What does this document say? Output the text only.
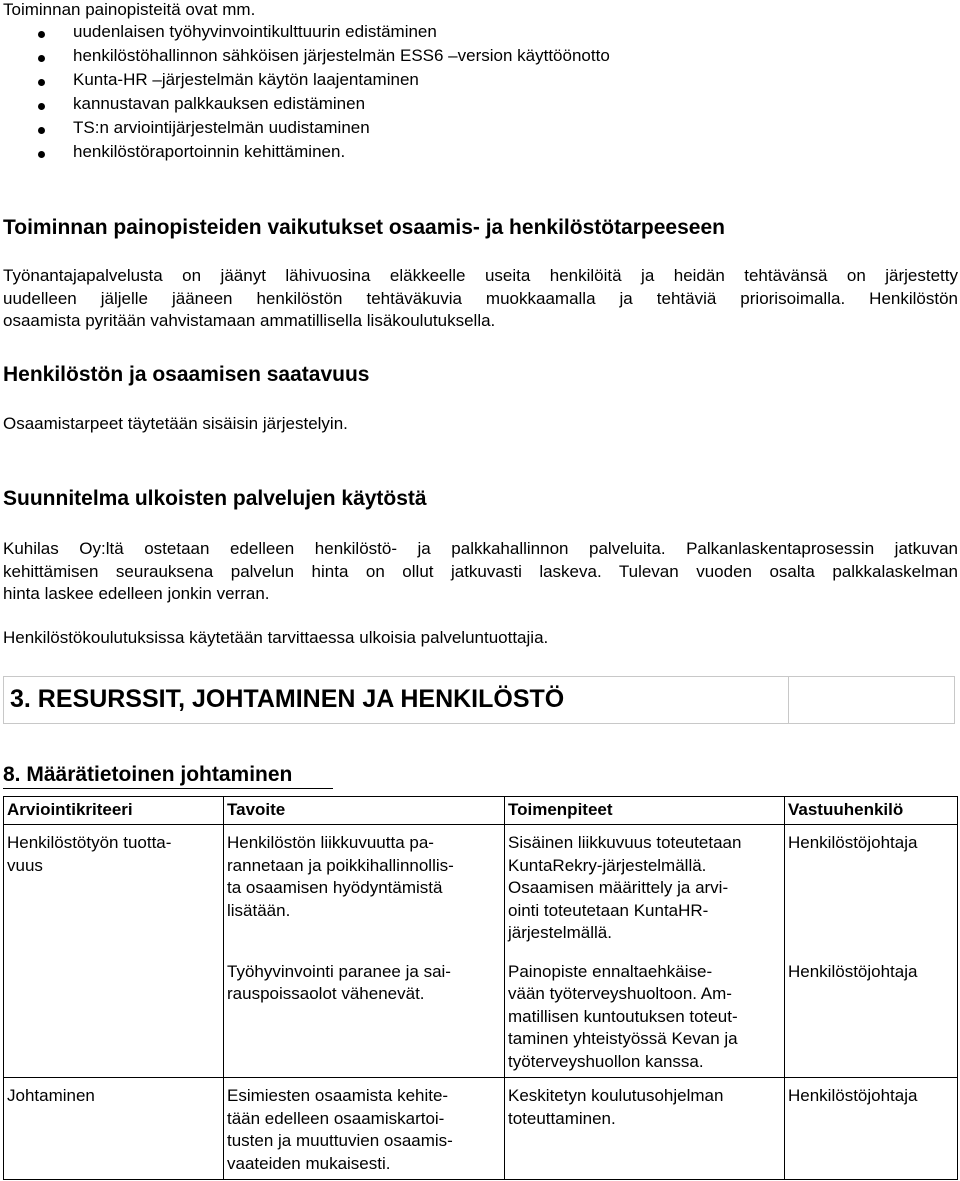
Toiminnan painopisteitä ovat mm.
uudenlaisen työhyvinvointikulttuurin edistäminen
henkilöstöhallinnon sähköisen järjestelmän ESS6 –version käyttöönotto
Kunta-HR –järjestelmän käytön laajentaminen
kannustavan palkkauksen edistäminen
TS:n arviointijärjestelmän uudistaminen
henkilöstöraportoinnin kehittäminen.
Toiminnan painopisteiden vaikutukset osaamis- ja henkilöstötarpeeseen
Työnantajapalvelusta on jäänyt lähivuosina eläkkeelle useita henkilöitä ja heidän tehtävänsä on järjestetty
uudelleen jäljelle jääneen henkilöstön tehtäväkuvia muokkaamalla ja tehtäviä priorisoimalla. Henkilöstön
osaamista pyritään vahvistamaan ammatillisella lisäkoulutuksella.
Henkilöstön ja osaamisen saatavuus
Osaamistarpeet täytetään sisäisin järjestelyin.
Suunnitelma ulkoisten palvelujen käytöstä
Kuhilas Oy:ltä ostetaan edelleen henkilöstö- ja palkkahallinnon palveluita. Palkanlaskentaprosessin jatkuvan
kehittämisen seurauksena palvelun hinta on ollut jatkuvasti laskeva. Tulevan vuoden osalta palkkalaskelman
hinta laskee edelleen jonkin verran.
Henkilöstökoulutuksissa käytetään tarvittaessa ulkoisia palveluntuottajia.
3. RESURSSIT, JOHTAMINEN JA HENKILÖSTÖ
8. Määrätietoinen johtaminen
Arviointikriteeri	Tavoite	Toimenpiteet	Vastuuhenkilö

Henkilöstötyön tuotta-
vuus	Henkilöstön liikkuvuutta pa-
rannetaan ja poikkihallinnollis-
ta osaamisen hyödyntämistä
lisätään.	Sisäinen liikkuvuus toteutetaan
KuntaRekry-järjestelmällä.
Osaamisen määrittely ja arvi-
ointi toteutetaan KuntaHR-
järjestelmällä.	Henkilöstöjohtaja

	Työhyvinvointi paranee ja sai-
rauspoissaolot vähenevät.	Painopiste ennaltaehkäise-
vään työterveyshuoltoon. Am-
matillisen kuntoutuksen toteut-
taminen yhteistyössä Kevan ja
työterveyshuollon kanssa.	Henkilöstöjohtaja

Johtaminen	Esimiesten osaamista kehite-
tään edelleen osaamiskartoi-
tusten ja muuttuvien osaamis-
vaateiden mukaisesti.	Keskitetyn koulutusohjelman
toteuttaminen.	Henkilöstöjohtaja
